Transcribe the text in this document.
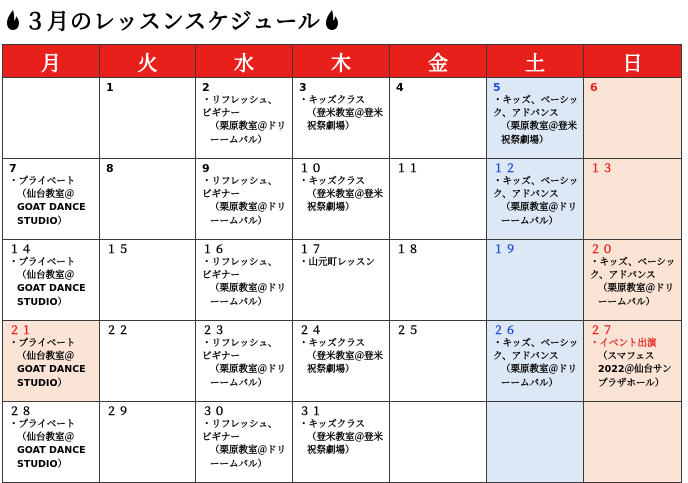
３月のレッスンスケジュール
月	火	水	木	金	土	日

	1	2
・リフレッシュ、
ビギナー
（栗原教室＠ドリーームパル）	3
・キッズクラス
（登米教室＠登米祝祭劇場）	4	5
・キッズ、ベーシック、アドバンス
（栗原教室＠登米祝祭劇場）	6

7
・プライベート
（仙台教室＠GOAT DANCE STUDIO）	8	9
・リフレッシュ、
ビギナー
（栗原教室＠ドリーームパル）	１０
・キッズクラス
（登米教室＠登米祝祭劇場）	１１	１２
・キッズ、ベーシック、アドバンス
（栗原教室＠ドリーームパル）	１３

１４
・プライベート
（仙台教室＠GOAT DANCE STUDIO）	１５	１６
・リフレッシュ、
ビギナー
（栗原教室＠ドリーームパル）	１７
・山元町レッスン	１８	１９	２０
・キッズ、ベーシック、アドバンス
（栗原教室＠ドリーームパル）

２１
・プライベート
（仙台教室＠GOAT DANCE STUDIO）	２２	２３
・リフレッシュ、
ビギナー
（栗原教室＠ドリーームパル）	２４
・キッズクラス
（登米教室＠登米祝祭劇場）	２５	２６
・キッズ、ベーシック、アドバンス
（栗原教室＠ドリーームパル）	２７
・イベント出演
（スマフェス 2022＠仙台サンプラザホール）

２８
・プライベート
（仙台教室＠GOAT DANCE STUDIO）	２９	３０
・リフレッシュ、
ビギナー
（栗原教室＠ドリーームパル）	３１
・キッズクラス
（登米教室＠登米祝祭劇場）			
